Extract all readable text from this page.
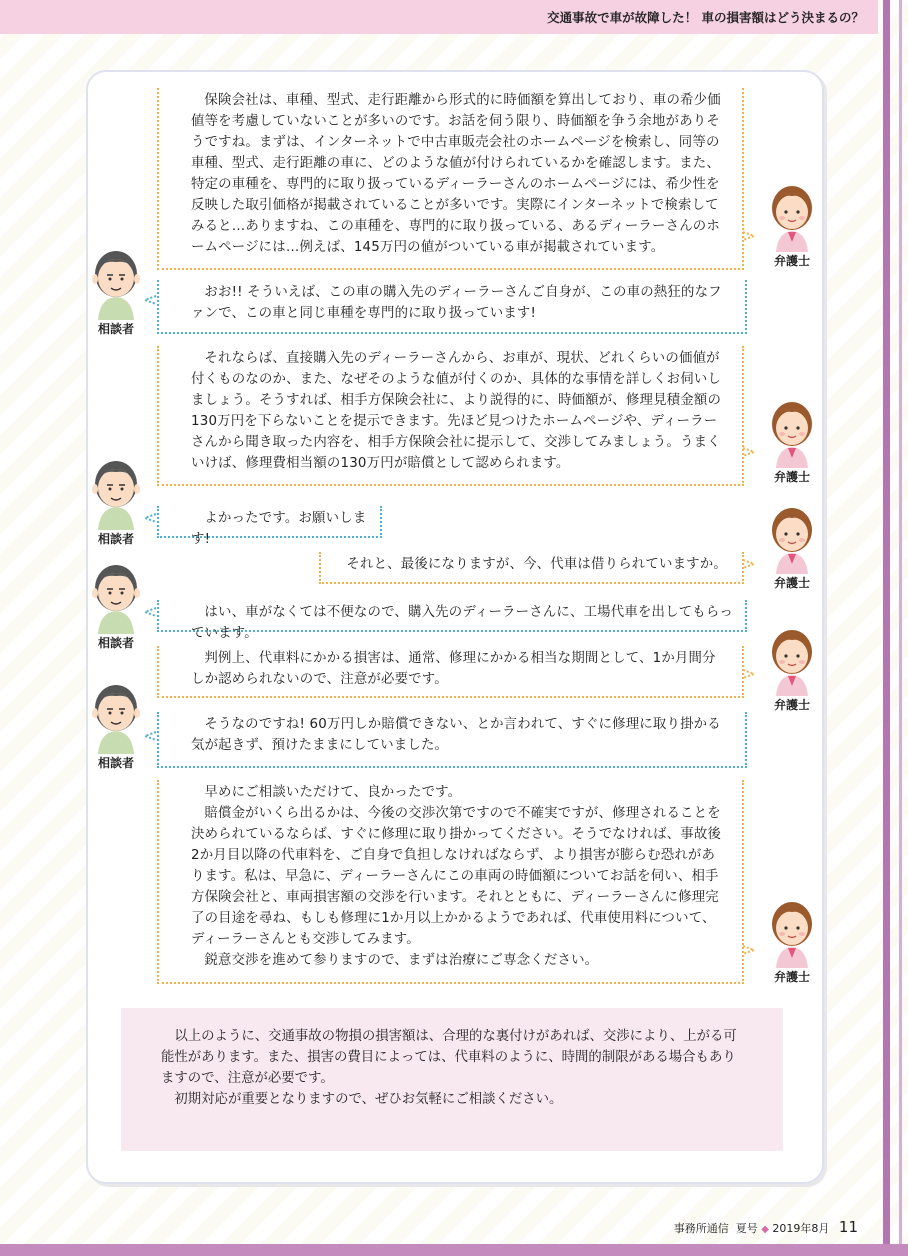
交通事故で車が故障した！ 車の損害額はどう決まるの？

保険会社は、車種、型式、走行距離から形式的に時価額を算出しており、車の希少価値等を考慮していないことが多いのです。お話を伺う限り、時価額を争う余地がありそうですね。まずは、インターネットで中古車販売会社のホームページを検索し、同等の車種、型式、走行距離の車に、どのような値が付けられているかを確認します。また、特定の車種を、専門的に取り扱っているディーラーさんのホームページには、希少性を反映した取引価格が掲載されていることが多いです。実際にインターネットで検索してみると…ありますね、この車種を、専門的に取り扱っている、あるディーラーさんのホームページには…例えば、145万円の値がついている車が掲載されています。

弁護士

おお!! そういえば、この車の購入先のディーラーさんご自身が、この車の熱狂的なファンで、この車と同じ車種を専門的に取り扱っています!

相談者

それならば、直接購入先のディーラーさんから、お車が、現状、どれくらいの価値が付くものなのか、また、なぜそのような値が付くのか、具体的な事情を詳しくお伺いしましょう。そうすれば、相手方保険会社に、より説得的に、時価額が、修理見積金額の130万円を下らないことを提示できます。先ほど見つけたホームページや、ディーラーさんから聞き取った内容を、相手方保険会社に提示して、交渉してみましょう。うまくいけば、修理費相当額の130万円が賠償として認められます。

弁護士

よかったです。お願いします!

相談者

それと、最後になりますが、今、代車は借りられていますか。

弁護士

はい、車がなくては不便なので、購入先のディーラーさんに、工場代車を出してもらっています。

相談者

判例上、代車料にかかる損害は、通常、修理にかかる相当な期間として、1か月間分しか認められないので、注意が必要です。

弁護士

そうなのですね! 60万円しか賠償できない、とか言われて、すぐに修理に取り掛かる気が起きず、預けたままにしていました。

相談者

早めにご相談いただけて、良かったです。

賠償金がいくら出るかは、今後の交渉次第ですので不確実ですが、修理されることを決められているならば、すぐに修理に取り掛かってください。そうでなければ、事故後2か月目以降の代車料を、ご自身で負担しなければならず、より損害が膨らむ恐れがあります。私は、早急に、ディーラーさんにこの車両の時価額についてお話を伺い、相手方保険会社と、車両損害額の交渉を行います。それとともに、ディーラーさんに修理完了の目途を尋ね、もしも修理に1か月以上かかるようであれば、代車使用料について、ディーラーさんとも交渉してみます。

鋭意交渉を進めて参りますので、まずは治療にご専念ください。

弁護士

以上のように、交通事故の物損の損害額は、合理的な裏付けがあれば、交渉により、上がる可能性があります。また、損害の費目によっては、代車料のように、時間的制限がある場合もありますので、注意が必要です。

初期対応が重要となりますので、ぜひお気軽にご相談ください。

事務所通信 夏号 ◆ 2019年8月 11
